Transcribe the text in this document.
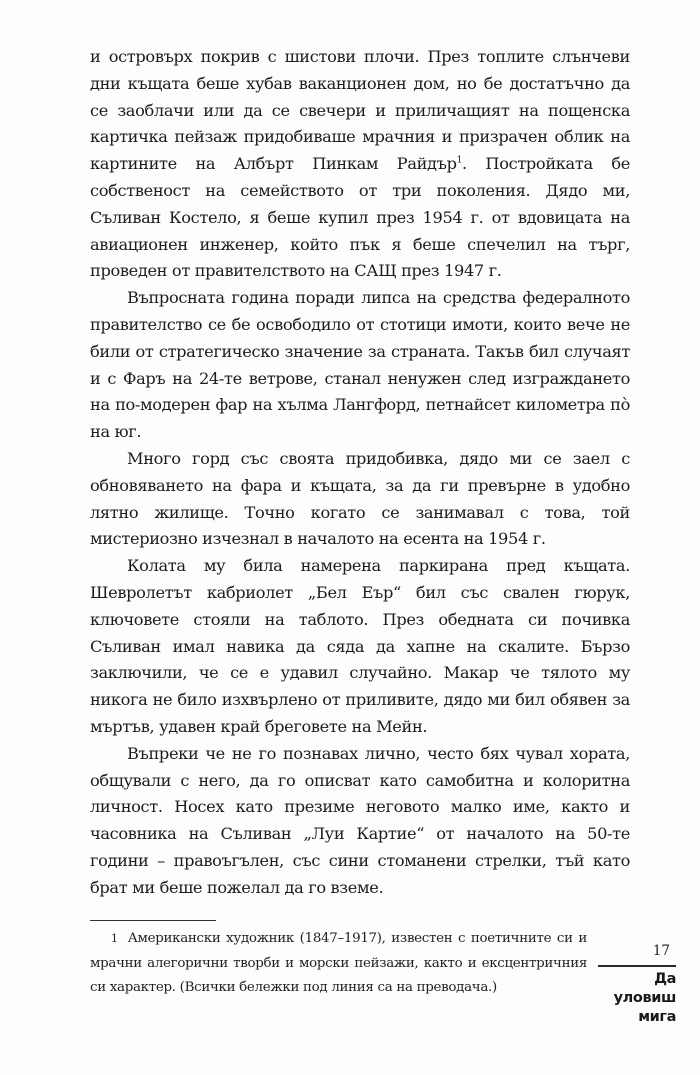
и островърх покрив с шистови плочи. През топлите слънчеви дни къщата беше хубав ваканционен дом, но бе достатъчно да се заоблачи или да се свечери и приличащият на пощенска картичка пейзаж придобиваше мрачния и призрачен облик на картините на Албърт Пинкам Райдър$^1$. Постройката бе собственост на семейството от три поколения. Дядо ми, Съливан Костело, я беше купил през 1954 г. от вдовицата на авиационен инженер, който пък я беше спечелил на търг, проведен от правителството на САЩ през 1947 г.

Въпросната година поради липса на средства федералното правителство се бе освободило от стотици имоти, които вече не били от стратегическо значение за страната. Такъв бил случаят и с Фаръ на 24-те ветрове, станал ненужен след изграждането на по-модерен фар на хълма Лангфорд, петнайсет километра пò на юг.

Много горд със своята придобивка, дядо ми се заел с обновяването на фара и къщата, за да ги превърне в удобно лятно жилище. Точно когато се занимавал с това, той мистериозно изчезнал в началото на есента на 1954 г.

Колата му била намерена паркирана пред къщата. Шевролетът кабриолет „Бел Еър“ бил със свален гюрук, ключовете стояли на таблото. През обедната си почивка Съливан имал навика да сяда да хапне на скалите. Бързо заключили, че се е удавил случайно. Макар че тялото му никога не било изхвърлено от приливите, дядо ми бил обявен за мъртъв, удавен край бреговете на Мейн.

Въпреки че не го познавах лично, често бях чувал хората, общували с него, да го описват като самобитна и колоритна личност. Носех като презиме неговото малко име, както и часовника на Съливан „Луи Картие“ от началото на 50-те години – правоъгълен, със сини стоманени стрелки, тъй като брат ми беше пожелал да го вземе.

1 Американски художник (1847–1917), известен с поетичните си и мрачни алегорични творби и морски пейзажи, както и ексцентричния си характер. (Всички бележки под линия са на преводача.)

17
Да уловиш
мига
